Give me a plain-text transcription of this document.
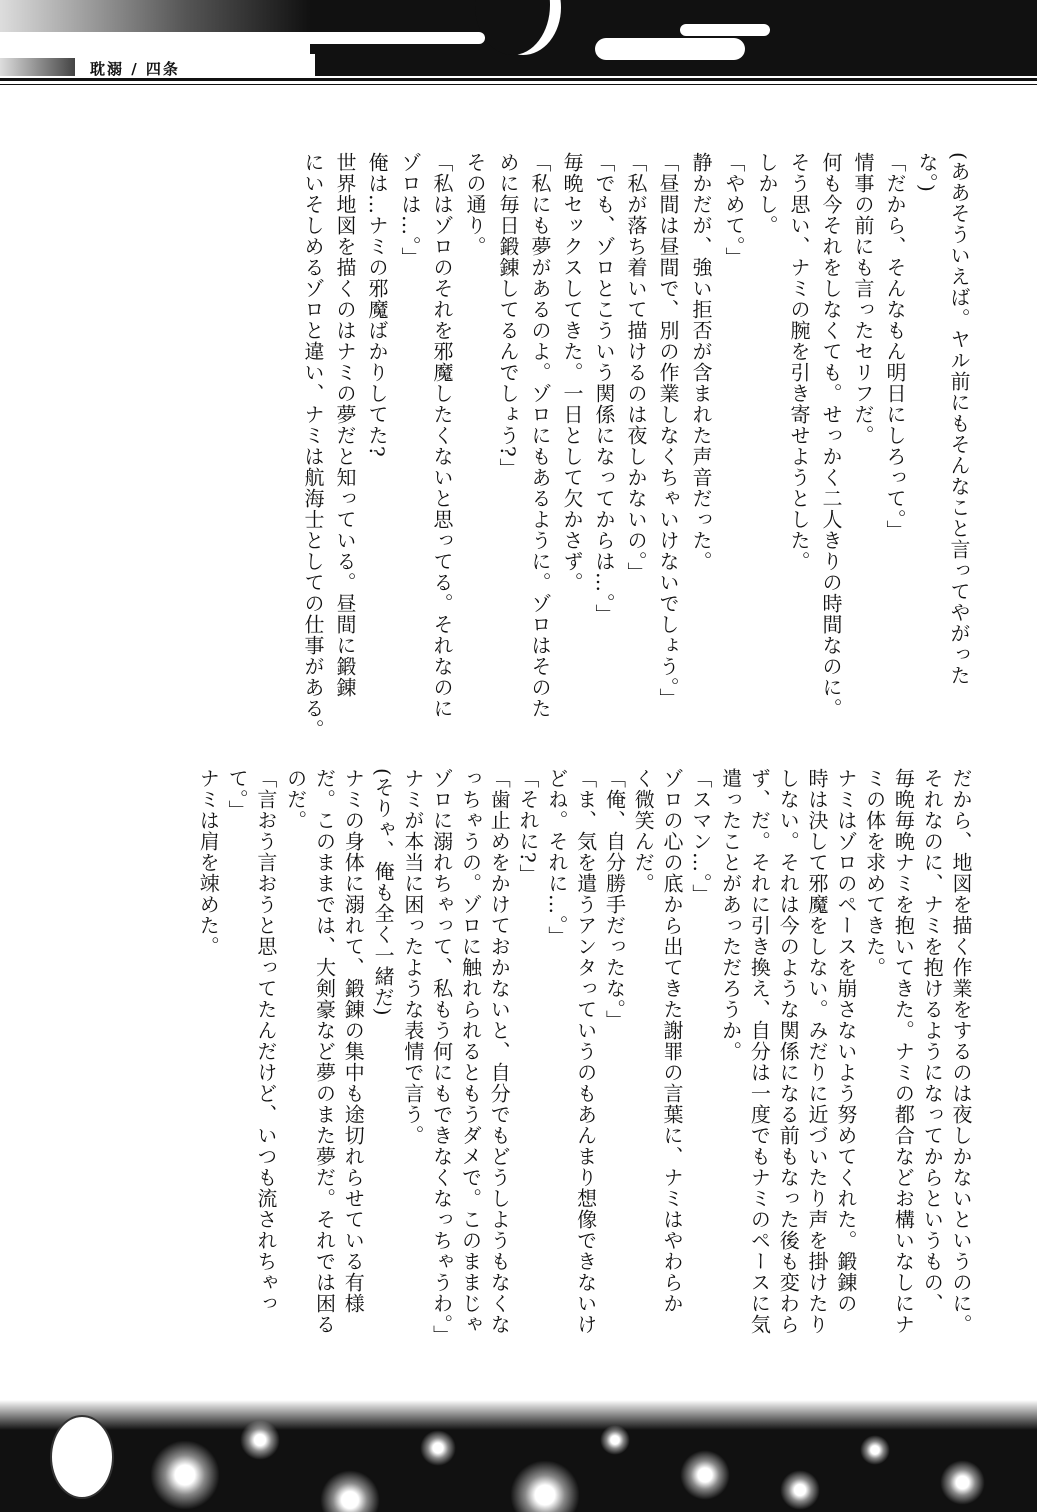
耽溺 / 四条
(ああそういえば。ヤル前にもそんなこと言ってやがった
な。)
「だから、そんなもん明日にしろって。」
情事の前にも言ったセリフだ。
何も今それをしなくても。せっかく二人きりの時間なのに。
そう思い、ナミの腕を引き寄せようとした。
しかし。
「やめて。」
静かだが、強い拒否が含まれた声音だった。
「昼間は昼間で、別の作業しなくちゃいけないでしょう。」
「私が落ち着いて描けるのは夜しかないの。」
「でも、ゾロとこういう関係になってからは…。」
毎晩セックスしてきた。一日として欠かさず。
「私にも夢があるのよ。ゾロにもあるように。ゾロはそのた
めに毎日鍛錬してるんでしょう?」
その通り。
「私はゾロのそれを邪魔したくないと思ってる。それなのに
ゾロは…。」
俺は…ナミの邪魔ばかりしてた?
世界地図を描くのはナミの夢だと知っている。昼間に鍛錬
にいそしめるゾロと違い、ナミは航海士としての仕事がある。
だから、地図を描く作業をするのは夜しかないというのに。
それなのに、ナミを抱けるようになってからというもの、
毎晩毎晩ナミを抱いてきた。ナミの都合などお構いなしにナ
ミの体を求めてきた。
ナミはゾロのペースを崩さないよう努めてくれた。鍛錬の
時は決して邪魔をしない。みだりに近づいたり声を掛けたり
しない。それは今のような関係になる前もなった後も変わら
ず、だ。それに引き換え、自分は一度でもナミのペースに気
遣ったことがあっただろうか。
「スマン…。」
ゾロの心の底から出てきた謝罪の言葉に、ナミはやわらか
く微笑んだ。
「俺、自分勝手だったな。」
「ま、気を遣うアンタっていうのもあんまり想像できないけ
どね。それに…。」
「それに?」
「歯止めをかけておかないと、自分でもどうしようもなくな
っちゃうの。ゾロに触れられるともうダメで。このままじゃ
ゾロに溺れちゃって、私もう何にもできなくなっちゃうわ。」
ナミが本当に困ったような表情で言う。
(そりゃ、俺も全く一緒だ)
ナミの身体に溺れて、鍛錬の集中も途切れらせている有様
だ。このままでは、大剣豪など夢のまた夢だ。それでは困る
のだ。
「言おう言おうと思ってたんだけど、いつも流されちゃっ
て。」
ナミは肩を竦めた。
